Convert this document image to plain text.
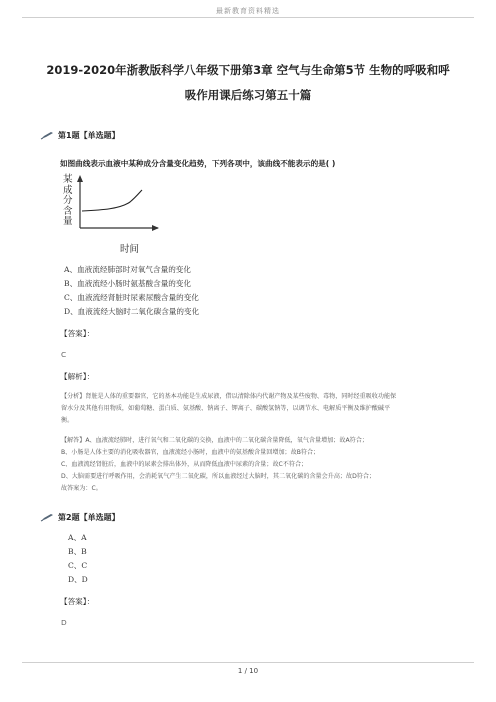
最新教育资料精选
2019-2020年浙教版科学八年级下册第3章 空气与生命第5节 生物的呼吸和呼
吸作用课后练习第五十篇
第1题【单选题】
如图曲线表示血液中某种成分含量变化趋势，下列各项中，该曲线不能表示的是( )
某成分含量
时间
A、血液流经肺部时对氧气含量的变化
B、血液流经小肠时氨基酸含量的变化
C、血液流经肾脏时尿素尿酸含量的变化
D、血液流经大脑时二氧化碳含量的变化
【答案】：
C
【解析】：
【分析】肾脏是人体的重要器官，它的基本功能是生成尿液，借以清除体内代谢产物及某些废物、毒物，同时经重吸收功能保
留水分及其他有用物质，如葡萄糖、蛋白质、氨基酸、钠离子、钾离子、碳酸氢钠等，以调节水、电解质平衡及维护酸碱平
衡。
【解答】A、血液流经肺时，进行氧气和二氧化碳的交换，血液中的二氧化碳含量降低，氧气含量增加；故A符合；
B、小肠是人体主要的消化吸收器官，血液流经小肠时，血液中的氨基酸含量回增加；故B符合；
C、血液流经肾脏后，血液中的尿素会排出体外，从而降低血液中尿素的含量；故C不符合；
D、大脑需要进行呼吸作用，会消耗氧气产生二氧化碳，所以血液经过大脑时，其二氧化碳的含量会升高；故D符合；
故答案为：C。
第2题【单选题】
A、A
B、B
C、C
D、D
【答案】：
D
1 / 10
